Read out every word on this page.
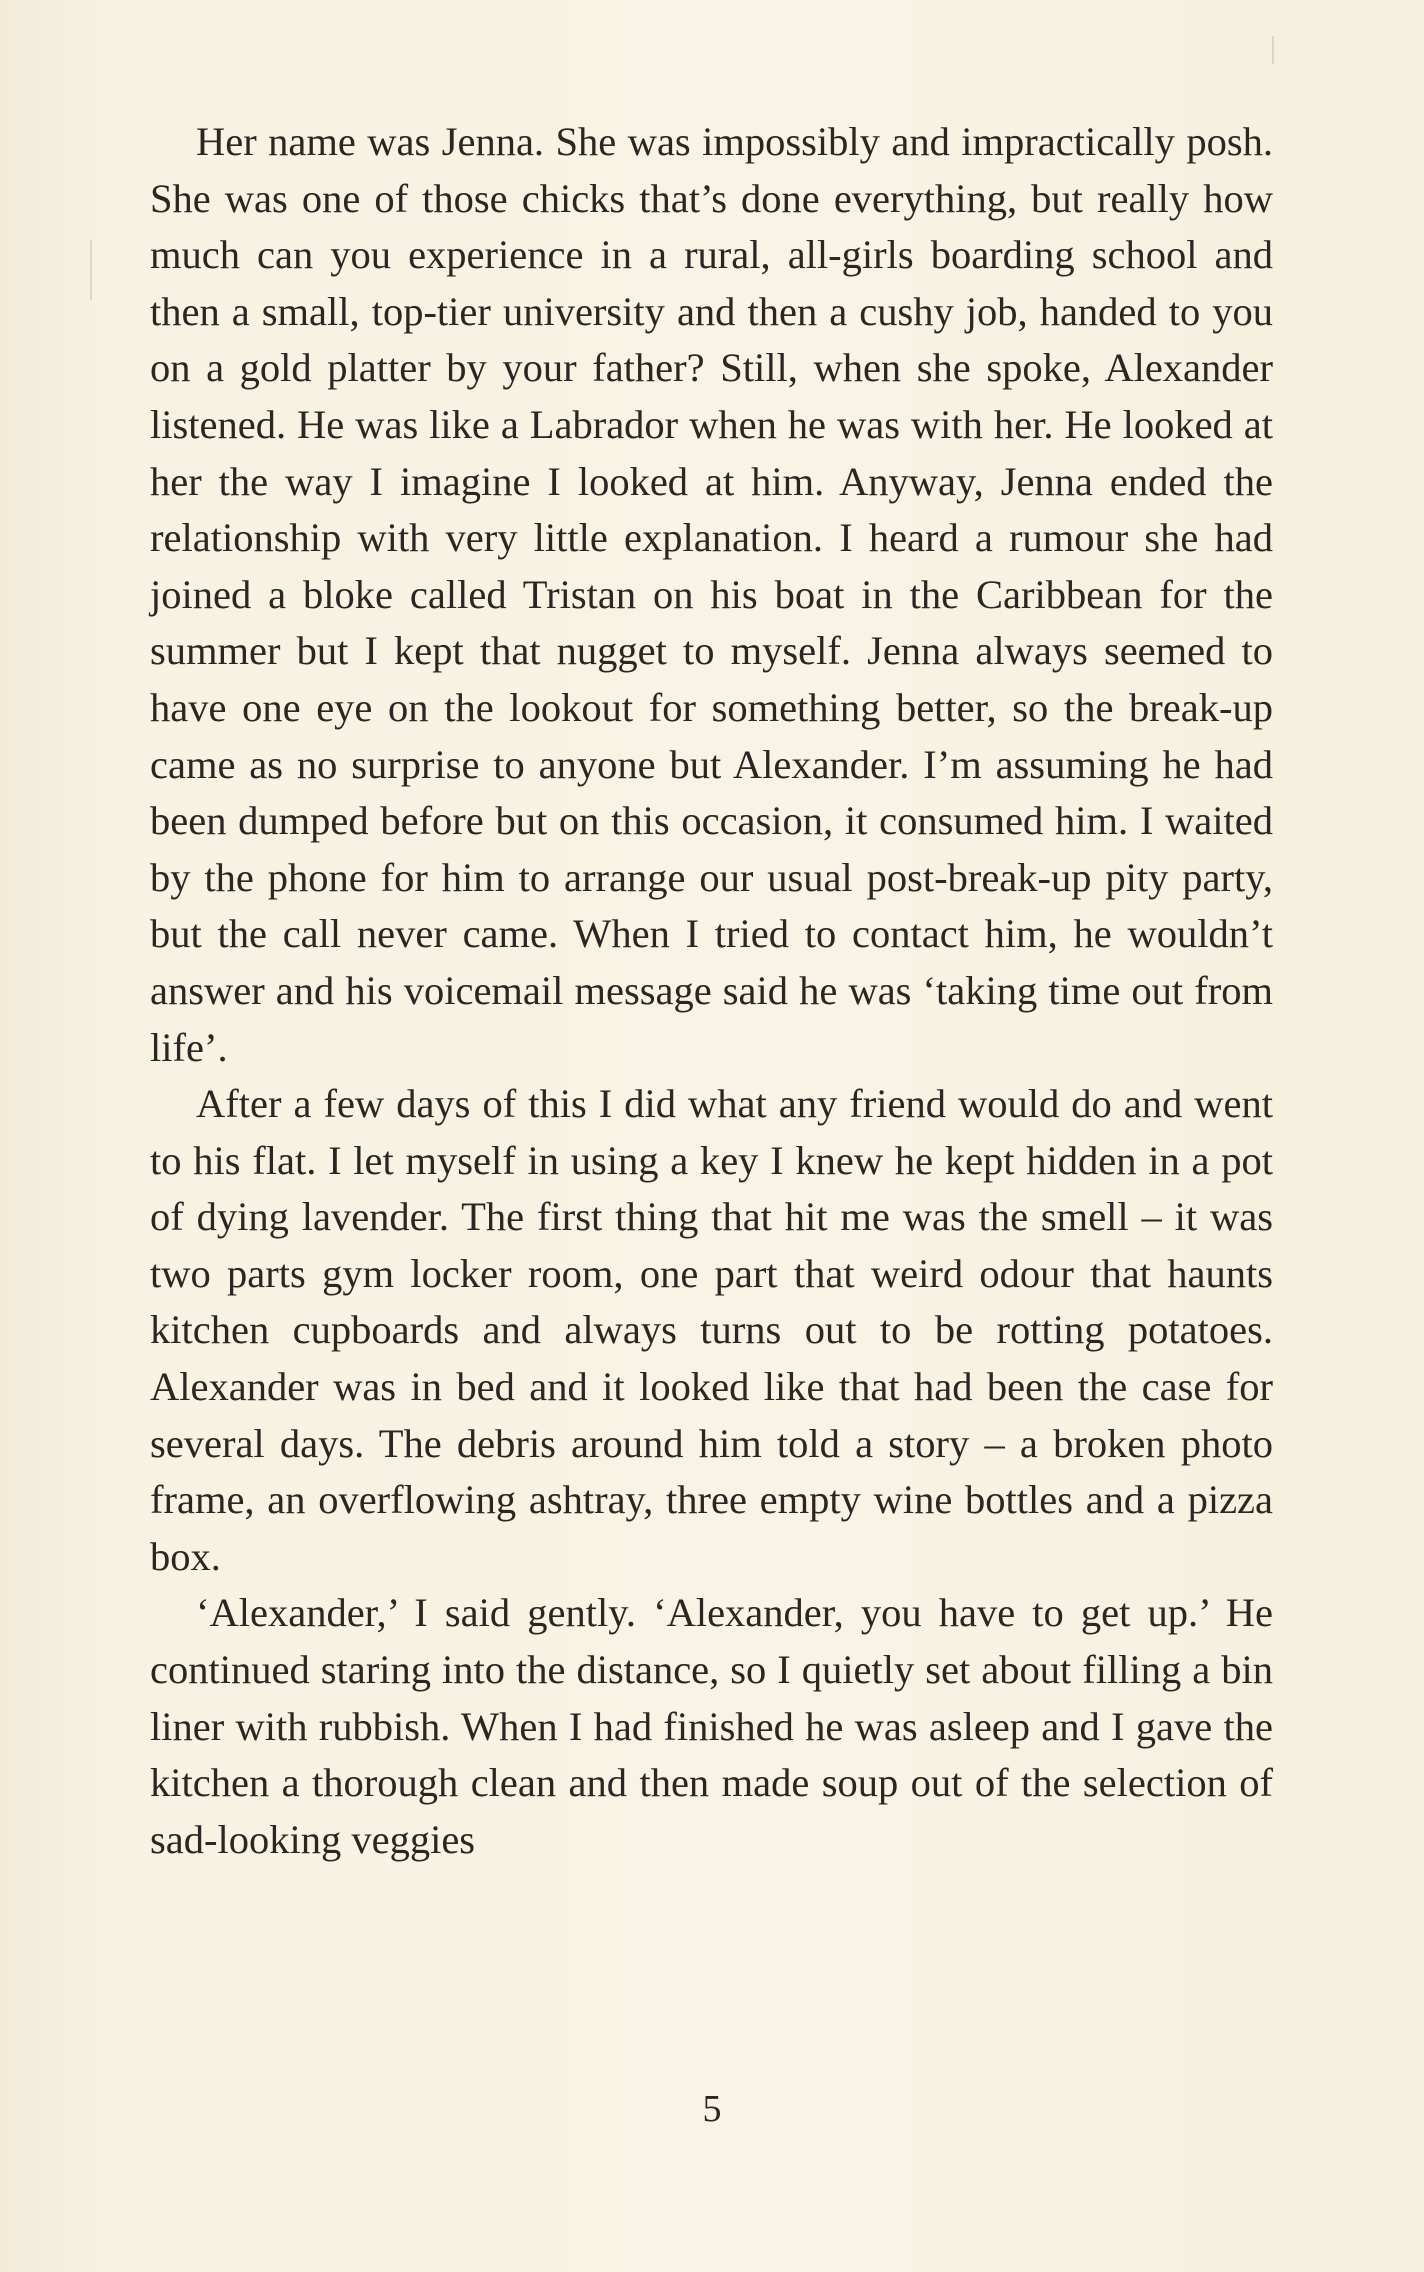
Her name was Jenna. She was impossibly and impractically posh. She was one of those chicks that’s done everything, but really how much can you experience in a rural, all-girls boarding school and then a small, top-tier university and then a cushy job, handed to you on a gold platter by your father? Still, when she spoke, Alexander listened. He was like a Labrador when he was with her. He looked at her the way I imagine I looked at him. Anyway, Jenna ended the relationship with very little explanation. I heard a rumour she had joined a bloke called Tristan on his boat in the Caribbean for the summer but I kept that nugget to myself. Jenna always seemed to have one eye on the lookout for something better, so the break-up came as no surprise to anyone but Alexander. I’m assuming he had been dumped before but on this occasion, it consumed him. I waited by the phone for him to arrange our usual post-break-up pity party, but the call never came. When I tried to contact him, he wouldn’t answer and his voicemail message said he was ‘taking time out from life’.

After a few days of this I did what any friend would do and went to his flat. I let myself in using a key I knew he kept hidden in a pot of dying lavender. The first thing that hit me was the smell – it was two parts gym locker room, one part that weird odour that haunts kitchen cupboards and always turns out to be rotting potatoes. Alexander was in bed and it looked like that had been the case for several days. The debris around him told a story – a broken photo frame, an overflowing ashtray, three empty wine bottles and a pizza box.

‘Alexander,’ I said gently. ‘Alexander, you have to get up.’ He continued staring into the distance, so I quietly set about filling a bin liner with rubbish. When I had finished he was asleep and I gave the kitchen a thorough clean and then made soup out of the selection of sad-looking veggies

5
